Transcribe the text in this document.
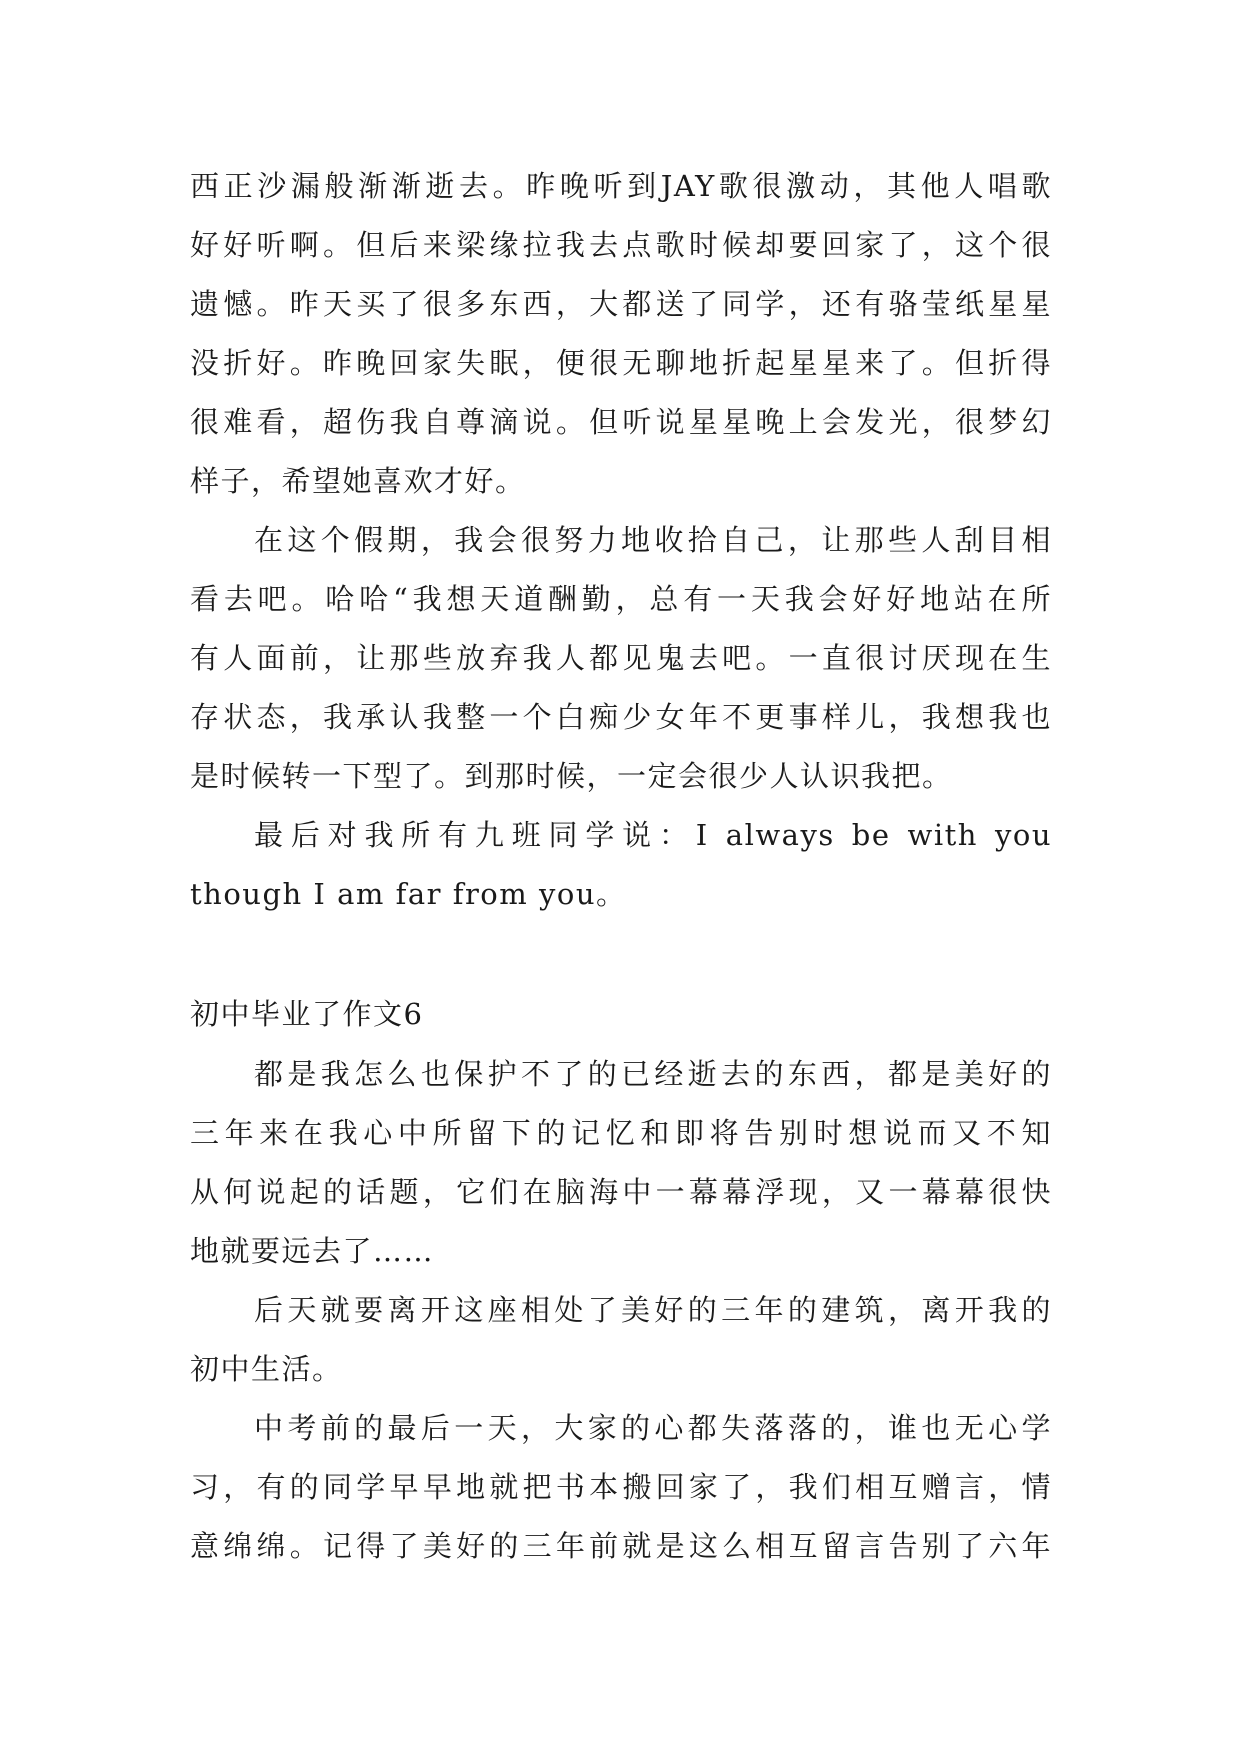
西正沙漏般渐渐逝去。昨晚听到JAY歌很激动，其他人唱歌
好好听啊。但后来梁缘拉我去点歌时候却要回家了，这个很
遗憾。昨天买了很多东西，大都送了同学，还有骆莹纸星星
没折好。昨晚回家失眠，便很无聊地折起星星来了。但折得
很难看，超伤我自尊滴说。但听说星星晚上会发光，很梦幻
样子，希望她喜欢才好。
在这个假期，我会很努力地收拾自己，让那些人刮目相
看去吧。哈哈“我想天道酬勤，总有一天我会好好地站在所
有人面前，让那些放弃我人都见鬼去吧。一直很讨厌现在生
存状态，我承认我整一个白痴少女年不更事样儿，我想我也
是时候转一下型了。到那时候，一定会很少人认识我把。
最后对我所有九班同学说：I always be with you
though I am far from you。
初中毕业了作文6
都是我怎么也保护不了的已经逝去的东西，都是美好的
三年来在我心中所留下的记忆和即将告别时想说而又不知
从何说起的话题，它们在脑海中一幕幕浮现，又一幕幕很快
地就要远去了……
后天就要离开这座相处了美好的三年的建筑，离开我的
初中生活。
中考前的最后一天，大家的心都失落落的，谁也无心学
习，有的同学早早地就把书本搬回家了，我们相互赠言，情
意绵绵。记得了美好的三年前就是这么相互留言告别了六年
